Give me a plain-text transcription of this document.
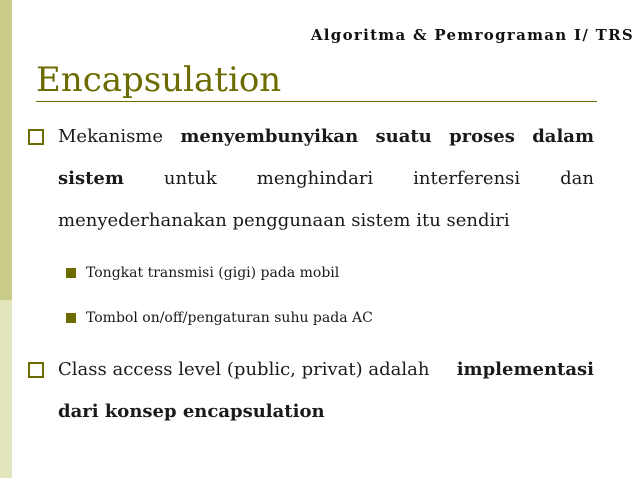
Algoritma & Pemrograman I/ TRS
Encapsulation
Mekanisme menyembunyikan suatu proses dalam
sistem untuk menghindari interferensi dan
menyederhanakan penggunaan sistem itu sendiri
Tongkat transmisi (gigi) pada mobil
Tombol on/off/pengaturan suhu pada AC
Class access level (public, privat) adalah implementasi
dari konsep encapsulation
